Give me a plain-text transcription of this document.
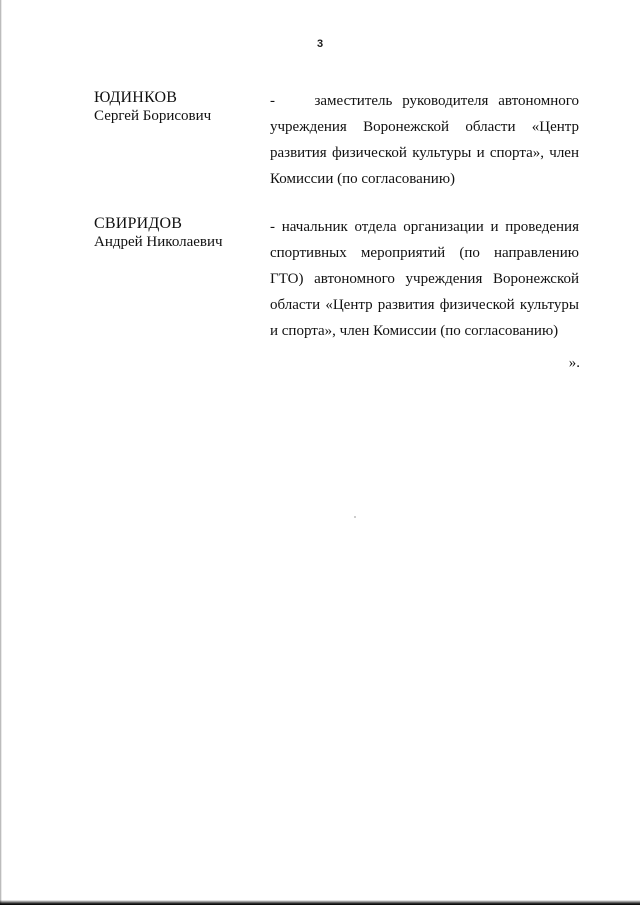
3
ЮДИНКОВ
Сергей Борисович
-    заместитель руководителя автономного
учреждения Воронежской области «Центр
развития физической культуры и спорта», член
Комиссии (по согласованию)
СВИРИДОВ
Андрей Николаевич
- начальник отдела организации и проведения
спортивных мероприятий (по направлению
ГТО) автономного учреждения Воронежской
области «Центр развития физической культуры
и спорта», член Комиссии (по согласованию)
».
